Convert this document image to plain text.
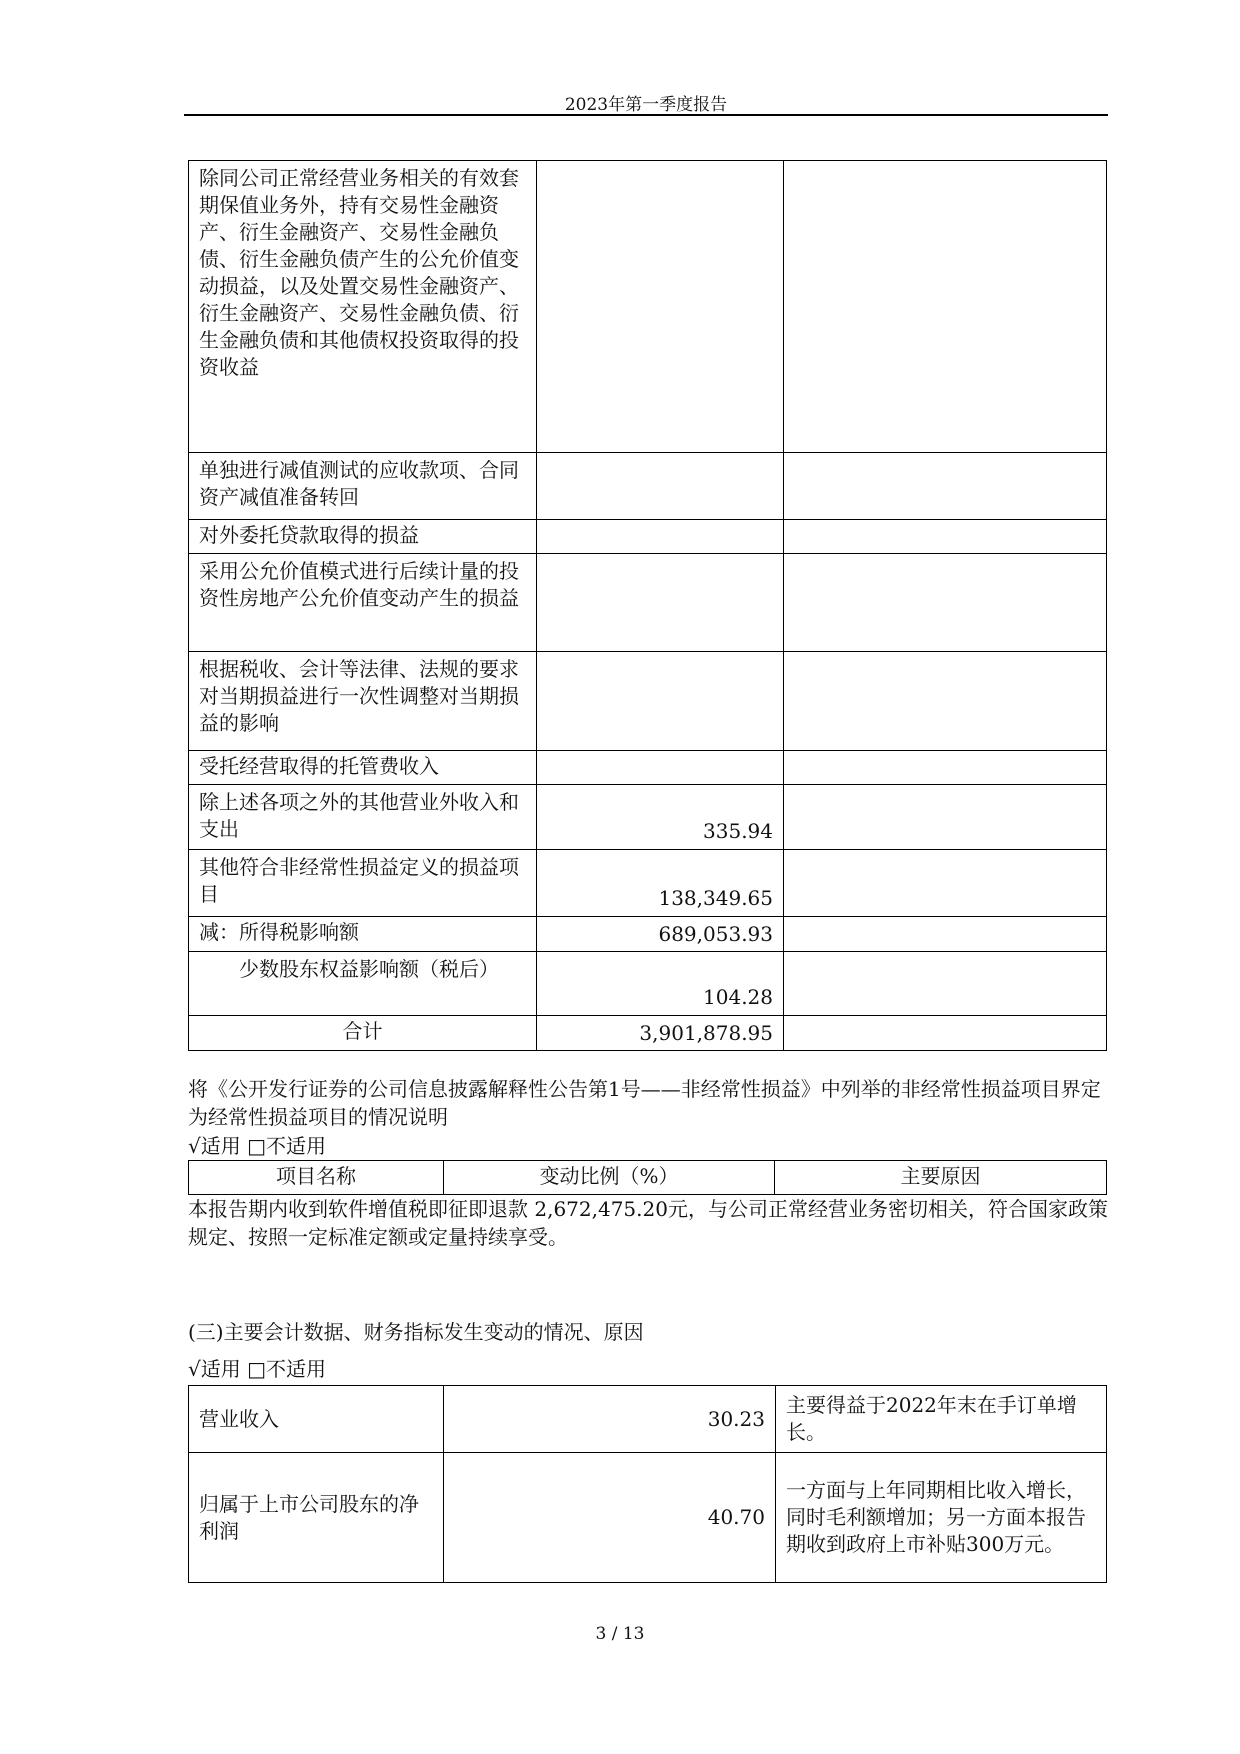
2023年第一季度报告
除同公司正常经营业务相关的有效套期保值业务外，持有交易性金融资产、衍生金融资产、交易性金融负债、衍生金融负债产生的公允价值变动损益，以及处置交易性金融资产、衍生金融资产、交易性金融负债、衍生金融负债和其他债权投资取得的投资收益		
单独进行减值测试的应收款项、合同资产减值准备转回		
对外委托贷款取得的损益		
采用公允价值模式进行后续计量的投资性房地产公允价值变动产生的损益		
根据税收、会计等法律、法规的要求对当期损益进行一次性调整对当期损益的影响		
受托经营取得的托管费收入		
除上述各项之外的其他营业外收入和支出	335.94	
其他符合非经常性损益定义的损益项目	138,349.65	
减：所得税影响额	689,053.93	
少数股东权益影响额（税后）	104.28	
合计	3,901,878.95	
将《公开发行证券的公司信息披露解释性公告第1号——非经常性损益》中列举的非经常性损益项目界定为经常性损益项目的情况说明
√适用 □不适用
项目名称	变动比例（%）	主要原因
本报告期内收到软件增值税即征即退款 2,672,475.20元，与公司正常经营业务密切相关，符合国家政策规定、按照一定标准定额或定量持续享受。
(三)主要会计数据、财务指标发生变动的情况、原因
√适用 □不适用
营业收入	30.23	主要得益于2022年末在手订单增长。
归属于上市公司股东的净利润	40.70	一方面与上年同期相比收入增长，同时毛利额增加；另一方面本报告期收到政府上市补贴300万元。
3 / 13
